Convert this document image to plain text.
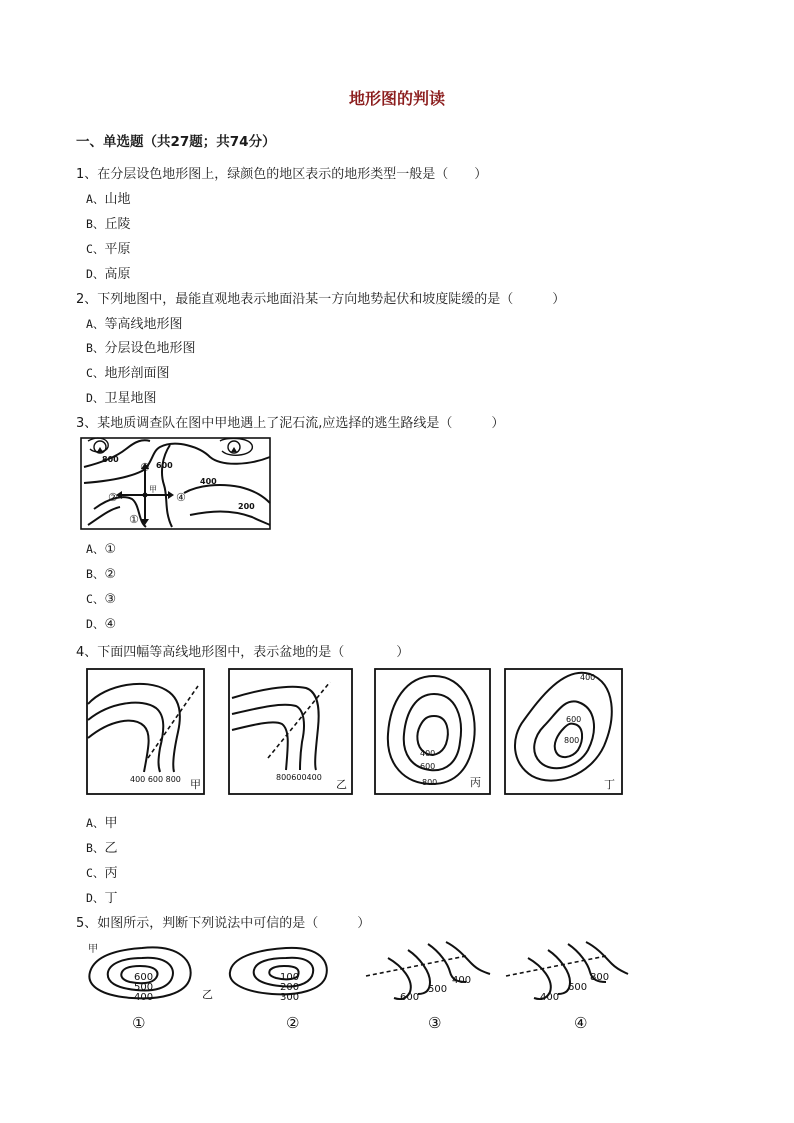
地形图的判读
一、单选题（共27题；共74分）
1、在分层设色地形图上，绿颜色的地区表示的地形类型一般是（　　）
A、山地
B、丘陵
C、平原
D、高原
2、下列地图中，最能直观地表示地面沿某一方向地势起伏和坡度陡缓的是（　　　）
A、等高线地形图
B、分层设色地形图
C、地形剖面图
D、卫星地图
3、某地质调查队在图中甲地遇上了泥石流,应选择的逃生路线是（　　　）
800
600
400
200
甲
①
②
③
④
A、①
B、②
C、③
D、④
4、下面四幅等高线地形图中，表示盆地的是（　　　　）
400 600 800 甲
800600400
乙
400
600
800	丙
400
600
800
丁
A、甲
B、乙
C、丙
D、丁
5、如图所示，判断下列说法中可信的是（　　　）
甲
600
500
400	乙
①
100
200
300
②
400
500
600
③
800
600
400
④
